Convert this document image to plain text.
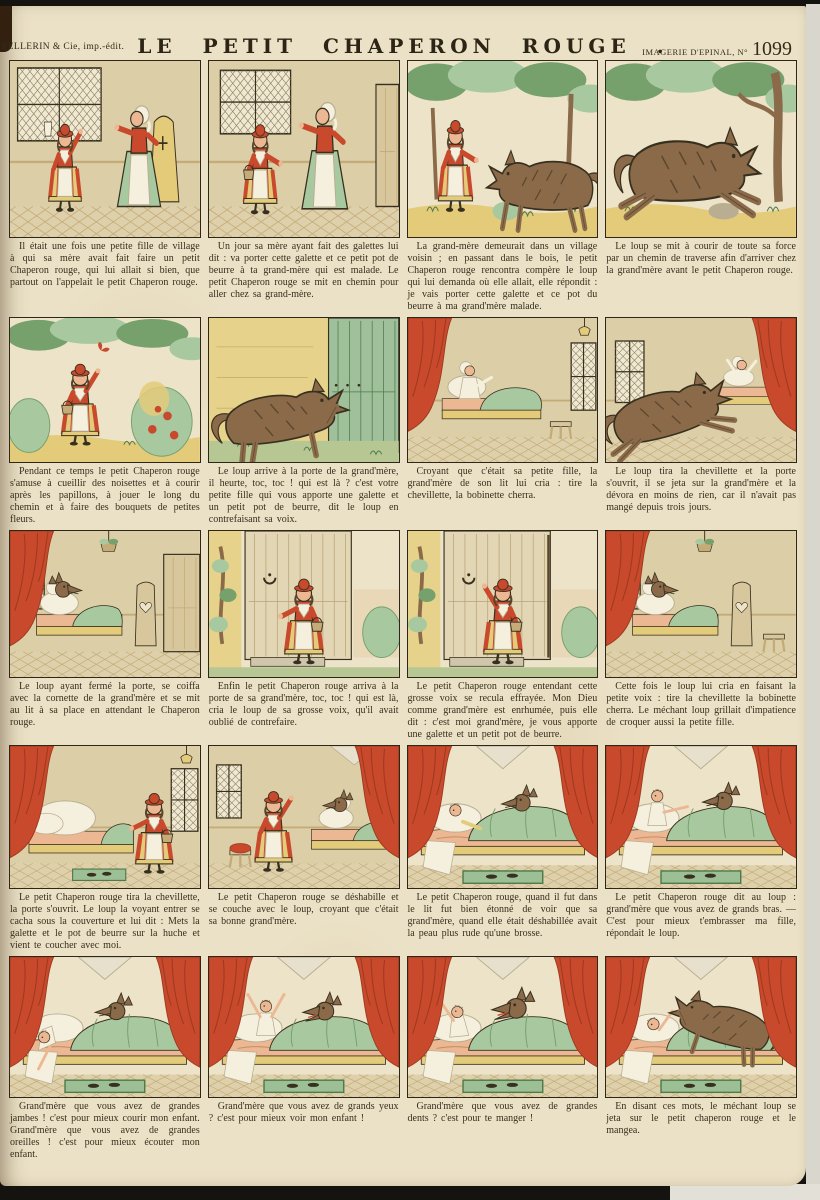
PELLERIN & Cie, imp.-édit. LE PETIT CHAPERON ROUGE .
IMAGERIE D'EPINAL, N° 1099
Il était une fois une petite fille de village à qui sa mère avait fait faire un petit Chaperon rouge, qui lui allait si bien, que partout on l'appelait le petit Chaperon rouge.
Un jour sa mère ayant fait des galettes lui dit : va porter cette galette et ce petit pot de beurre à ta grand-mère qui est malade. Le petit Chaperon rouge se mit en chemin pour aller chez sa grand-mère.
La grand-mère demeurait dans un village voisin ; en passant dans le bois, le petit Chaperon rouge rencontra compère le loup qui lui demanda où elle allait, elle répondit : je vais porter cette galette et ce pot du beurre à ma grand'mère malade.
Le loup se mit à courir de toute sa force par un chemin de traverse afin d'arriver chez la grand'mère avant le petit Chaperon rouge.
Pendant ce temps le petit Chaperon rouge s'amuse à cueillir des noisettes et à courir après les papillons, à jouer le long du chemin et à faire des bouquets de petites fleurs.
Le loup arrive à la porte de la grand'mère, il heurte, toc, toc ! qui est là ? c'est votre petite fille qui vous apporte une galette et un petit pot de beurre, dit le loup en contrefaisant sa voix.
Croyant que c'était sa petite fille, la grand'mère de son lit lui cria : tire la chevillette, la bobinette cherra.
Le loup tira la chevillette et la porte s'ouvrit, il se jeta sur la grand'mère et la dévora en moins de rien, car il n'avait pas mangé depuis trois jours.
Le loup ayant fermé la porte, se coiffa avec la cornette de la grand'mère et se mit au lit à sa place en attendant le Chaperon rouge.
Enfin le petit Chaperon rouge arriva à la porte de sa grand'mère, toc, toc ! qui est là, cria le loup de sa grosse voix, qu'il avait oublié de contrefaire.
Le petit Chaperon rouge entendant cette grosse voix se recula effrayée. Mon Dieu comme grand'mère est enrhumée, puis elle dit : c'est moi grand'mère, je vous apporte une galette et un petit pot de beurre.
Cette fois le loup lui cria en faisant la petite voix : tire la chevillette la bobinette cherra. Le méchant loup grillait d'impatience de croquer aussi la petite fille.
Le petit Chaperon rouge tira la chevillette, la porte s'ouvrit. Le loup la voyant entrer se cacha sous la couverture et lui dit : Mets la galette et le pot de beurre sur la huche et vient te coucher avec moi.
Le petit Chaperon rouge se déshabille et se couche avec le loup, croyant que c'était sa bonne grand'mère.
Le petit Chaperon rouge, quand il fut dans le lit fut bien étonné de voir que sa grand'mère, quand elle était déshabillée avait la peau plus rude qu'une brosse.
Le petit Chaperon rouge dit au loup : grand'mère que vous avez de grands bras. — C'est pour mieux t'embrasser ma fille, répondait le loup.
Grand'mère que vous avez de grandes jambes ! c'est pour mieux courir mon enfant. Grand'mère que vous avez de grandes oreilles ! c'est pour mieux écouter mon enfant.
Grand'mère que vous avez de grands yeux ? c'est pour mieux voir mon enfant !
Grand'mère que vous avez de grandes dents ? c'est pour te manger !
En disant ces mots, le méchant loup se jeta sur le petit chaperon rouge et le mangea.
